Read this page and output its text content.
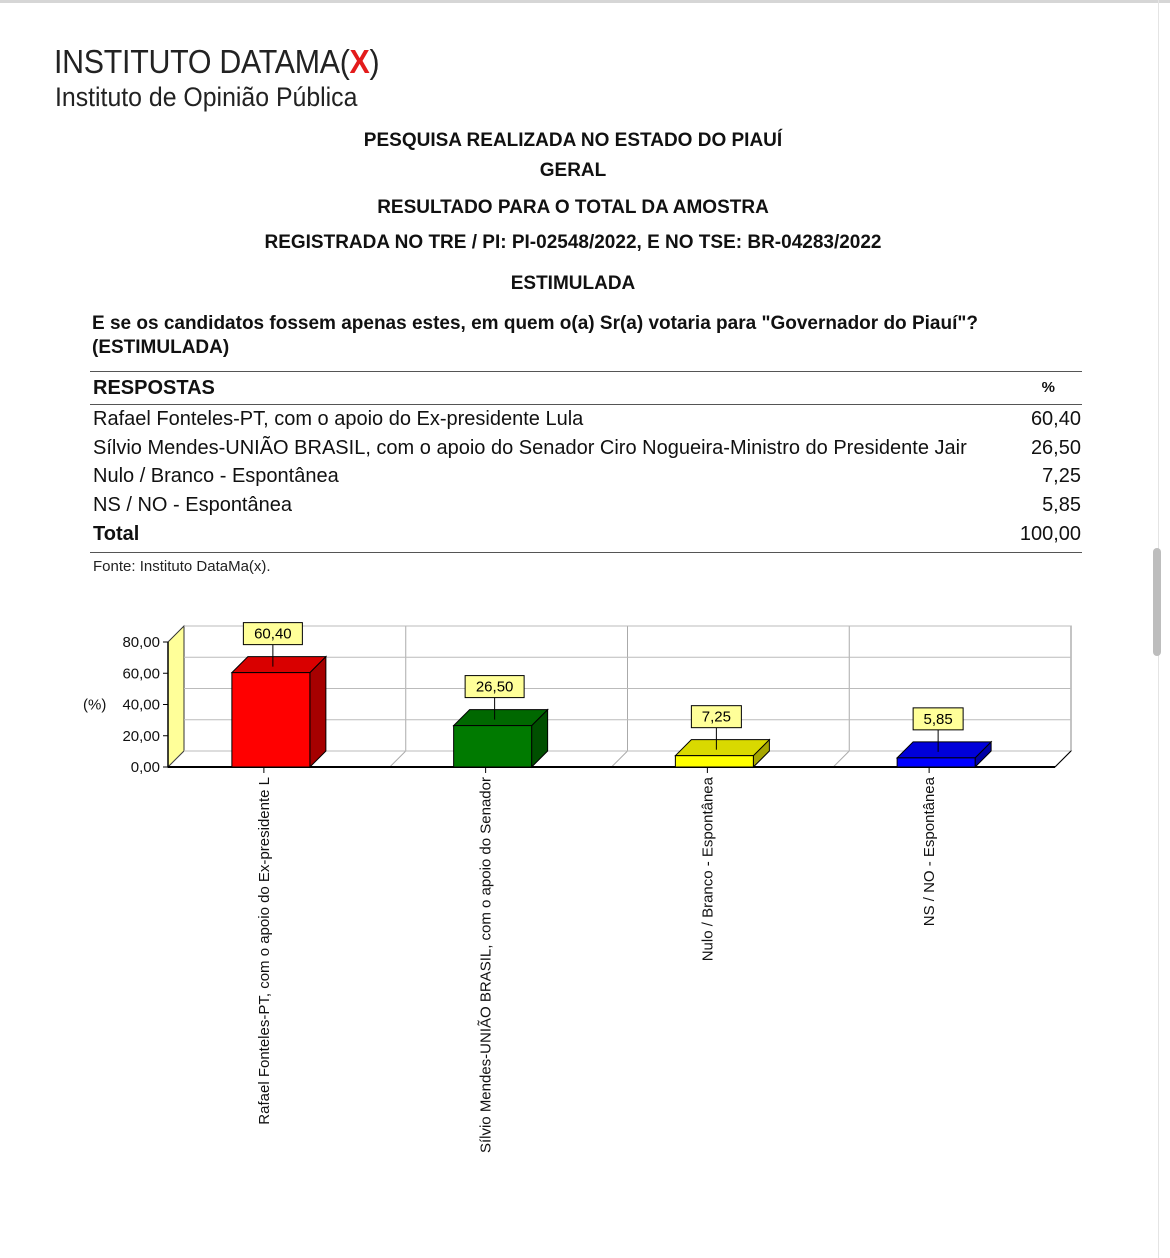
INSTITUTO DATAMA(X)
Instituto de Opinião Pública
PESQUISA REALIZADA NO ESTADO DO PIAUÍ
GERAL
RESULTADO PARA O TOTAL DA AMOSTRA
REGISTRADA NO TRE / PI: PI-02548/2022, E NO TSE: BR-04283/2022
ESTIMULADA
E se os candidatos fossem apenas estes, em quem o(a) Sr(a) votaria para "Governador do Piauí"?
(ESTIMULADA)
RESPOSTAS	%
Rafael Fonteles-PT, com o apoio do Ex-presidente Lula	60,40
Sílvio Mendes-UNIÃO BRASIL, com o apoio do Senador Ciro Nogueira-Ministro do Presidente Jair	26,50
Nulo / Branco - Espontânea	7,25
NS / NO - Espontânea	5,85
Total	100,00
Fonte: Instituto DataMa(x).
0,00
20,00
40,00
60,00
80,00
(%)
60,40
Rafael Fonteles-PT, com o apoio do Ex-presidente L
26,50
Sílvio Mendes-UNIÃO BRASIL, com o apoio do Senador
7,25
Nulo / Branco - Espontânea
5,85
NS / NO - Espontânea
